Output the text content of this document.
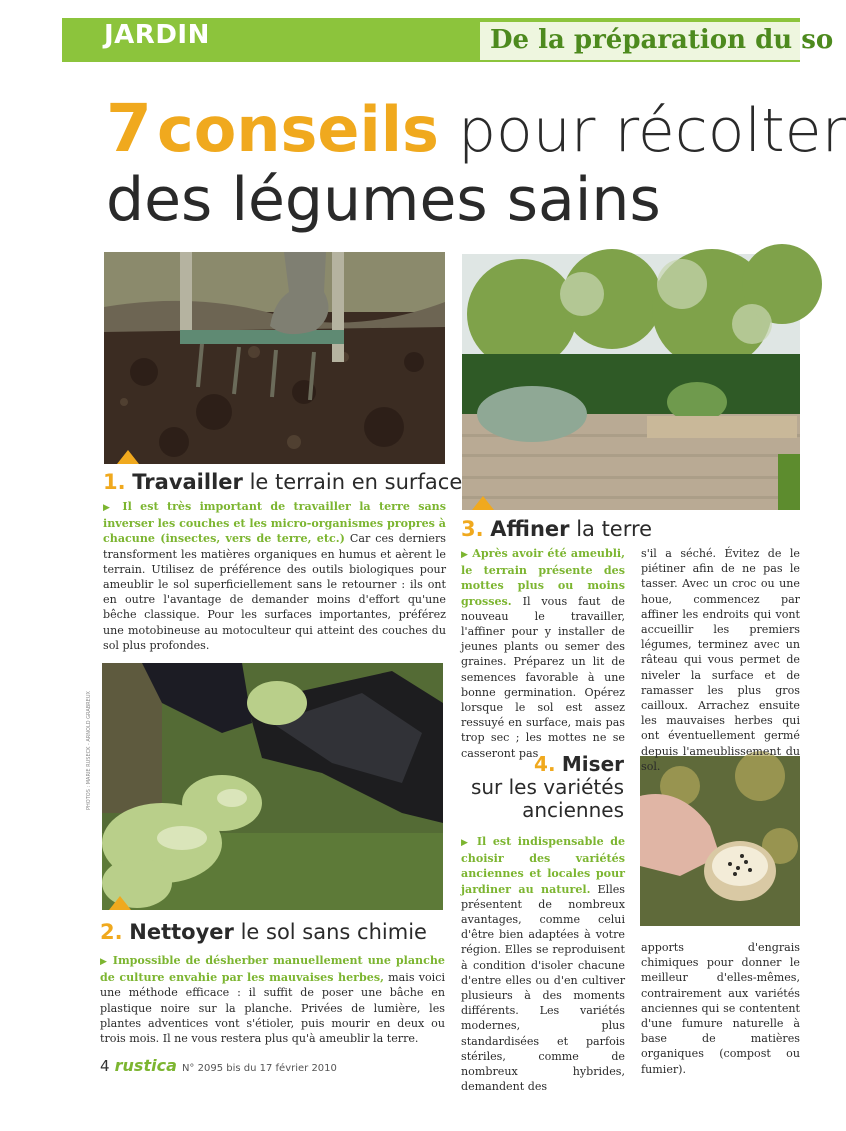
JARDIN	De la préparation du so
7 conseils pour récolter
des légumes sains
PHOTOS : MARIE RUSECK - ARNOLD GRABREUX
1. Travailler le terrain en surface
▶ Il est très important de travailler la terre sans inverser les couches et les micro-organismes propres à chacune (insectes, vers de terre, etc.) Car ces derniers transforment les matières organiques en humus et aèrent le terrain. Utilisez de préférence des outils biologiques pour ameublir le sol superficiellement sans le retourner : ils ont en outre l'avantage de demander moins d'effort qu'une bêche classique. Pour les surfaces importantes, préférez une motobineuse au motoculteur qui atteint des couches du sol plus profondes.
3. Affiner la terre
▶ Après avoir été ameubli, le terrain présente des mottes plus ou moins grosses. Il vous faut de nouveau le travailler, l'affiner pour y installer de jeunes plants ou semer des graines. Préparez un lit de semences favorable à une bonne germination. Opérez lorsque le sol est assez ressuyé en surface, mais pas trop sec ; les mottes ne se casseront pas
s'il a séché. Évitez de le piétiner afin de ne pas le tasser. Avec un croc ou une houe, commencez par affiner les endroits qui vont accueillir les premiers légumes, terminez avec un râteau qui vous permet de niveler la surface et de ramasser les plus gros cailloux. Arrachez ensuite les mauvaises herbes qui ont éventuellement germé depuis l'ameublissement du sol.
4. Miser
sur les variétés
anciennes
▶ Il est indispensable de choisir des variétés anciennes et locales pour jardiner au naturel. Elles présentent de nombreux avantages, comme celui d'être bien adaptées à votre région. Elles se reproduisent à condition d'isoler chacune d'entre elles ou d'en cultiver plusieurs à des moments différents. Les variétés modernes, plus standardisées et parfois stériles, comme de nombreux hybrides, demandent des
apports d'engrais chimiques pour donner le meilleur d'elles-mêmes, contrairement aux variétés anciennes qui se contentent d'une fumure naturelle à base de matières organiques (compost ou fumier).
2. Nettoyer le sol sans chimie
▶ Impossible de désherber manuellement une planche de culture envahie par les mauvaises herbes, mais voici une méthode efficace : il suffit de poser une bâche en plastique noire sur la planche. Privées de lumière, les plantes adventices vont s'étioler, puis mourir en deux ou trois mois. Il ne vous restera plus qu'à ameublir la terre.
4 rustica N° 2095 bis du 17 février 2010
